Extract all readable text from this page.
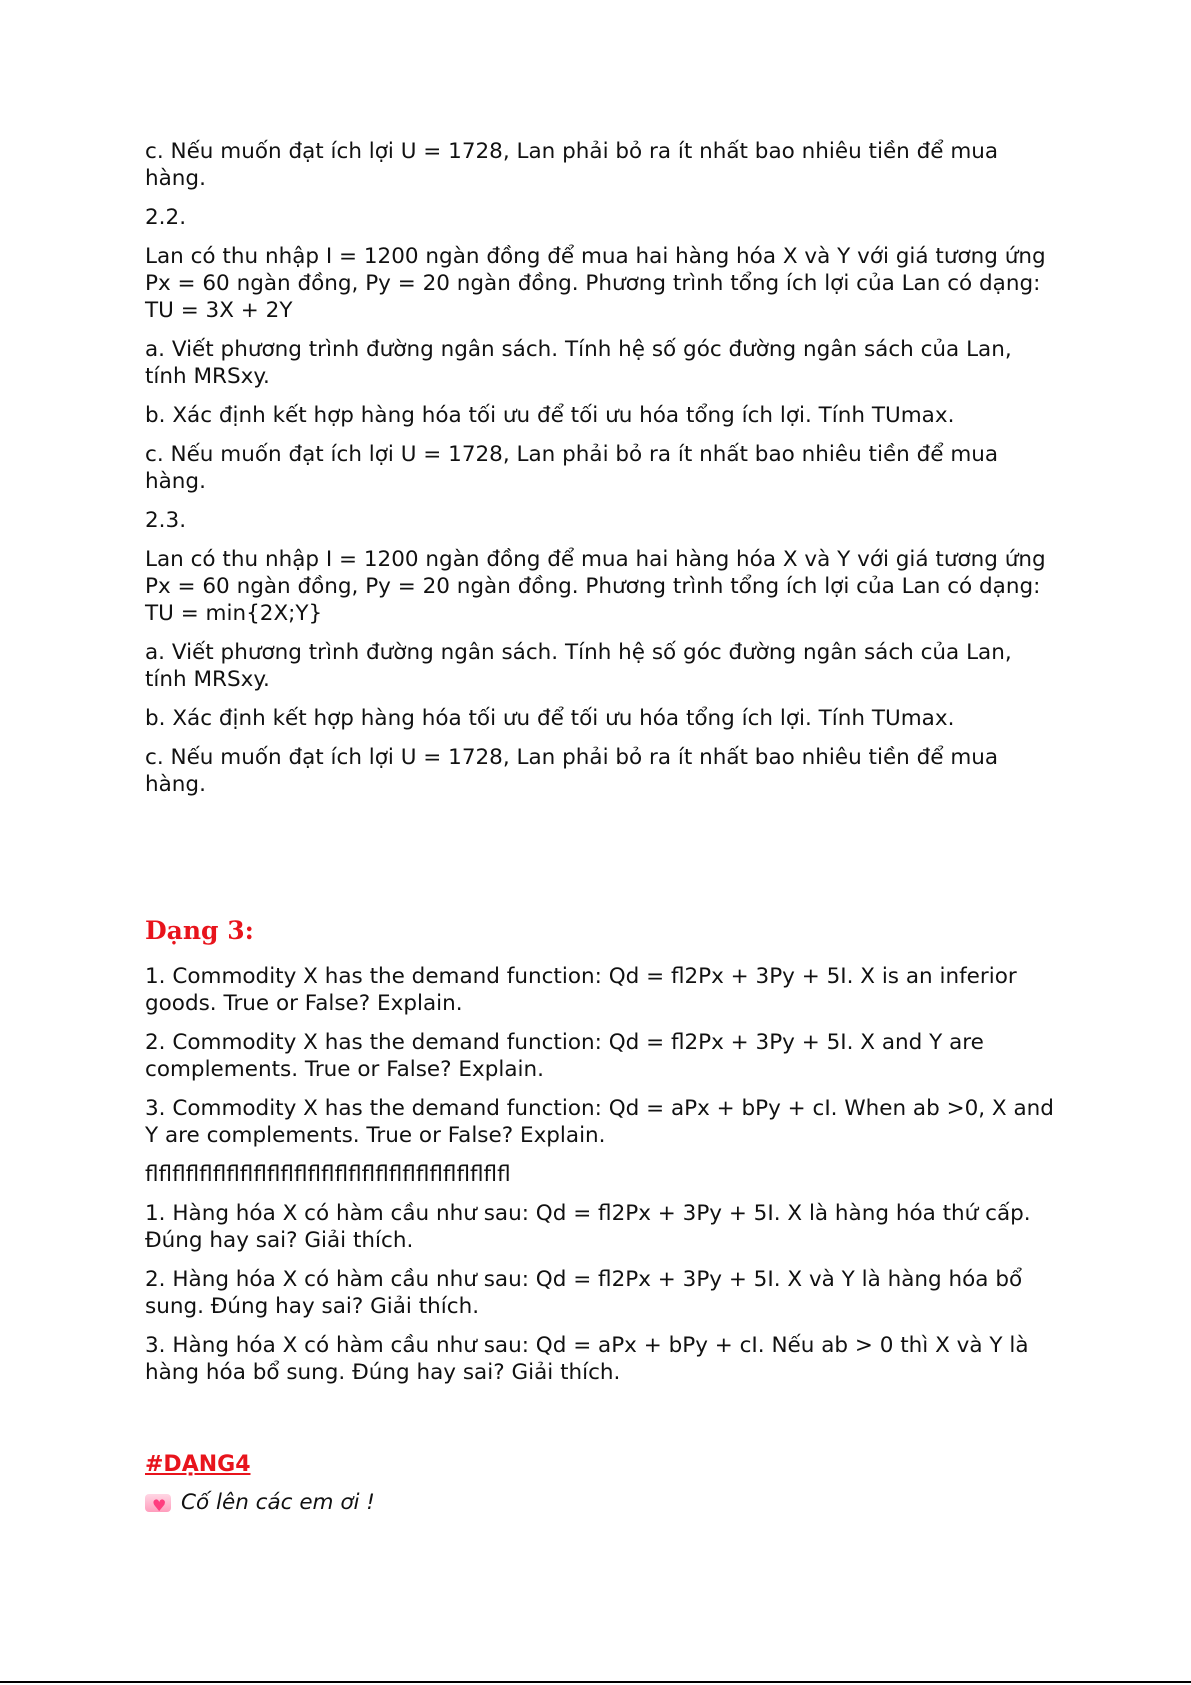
c. Nếu muốn đạt ích lợi U = 1728, Lan phải bỏ ra ít nhất bao nhiêu tiền để mua hàng.

2.2.

Lan có thu nhập I = 1200 ngàn đồng để mua hai hàng hóa X và Y với giá tương ứng Px = 60 ngàn đồng, Py = 20 ngàn đồng. Phương trình tổng ích lợi của Lan có dạng: TU = 3X + 2Y

a. Viết phương trình đường ngân sách. Tính hệ số góc đường ngân sách của Lan, tính MRSxy.

b. Xác định kết hợp hàng hóa tối ưu để tối ưu hóa tổng ích lợi. Tính TUmax.

c. Nếu muốn đạt ích lợi U = 1728, Lan phải bỏ ra ít nhất bao nhiêu tiền để mua hàng.

2.3.

Lan có thu nhập I = 1200 ngàn đồng để mua hai hàng hóa X và Y với giá tương ứng Px = 60 ngàn đồng, Py = 20 ngàn đồng. Phương trình tổng ích lợi của Lan có dạng: TU = min{2X;Y}

a. Viết phương trình đường ngân sách. Tính hệ số góc đường ngân sách của Lan, tính MRSxy.

b. Xác định kết hợp hàng hóa tối ưu để tối ưu hóa tổng ích lợi. Tính TUmax.

c. Nếu muốn đạt ích lợi U = 1728, Lan phải bỏ ra ít nhất bao nhiêu tiền để mua hàng.

Dạng 3:

1. Commodity X has the demand function: Qd = ﬂ2Px + 3Py + 5I. X is an inferior goods. True or False? Explain.

2. Commodity X has the demand function: Qd = ﬂ2Px + 3Py + 5I. X and Y are complements. True or False? Explain.

3. Commodity X has the demand function: Qd = aPx + bPy + cI. When ab >0, X and Y are complements. True or False? Explain.

ﬂﬂﬂﬂﬂﬂﬂﬂﬂﬂﬂﬂﬂﬂﬂﬂﬂﬂﬂﬂﬂﬂﬂﬂﬂﬂﬂ

1. Hàng hóa X có hàm cầu như sau: Qd = ﬂ2Px + 3Py + 5I. X là hàng hóa thứ cấp. Đúng hay sai? Giải thích.

2. Hàng hóa X có hàm cầu như sau: Qd = ﬂ2Px + 3Py + 5I. X và Y là hàng hóa bổ sung. Đúng hay sai? Giải thích.

3. Hàng hóa X có hàm cầu như sau: Qd = aPx + bPy + cI. Nếu ab > 0 thì X và Y là hàng hóa bổ sung. Đúng hay sai? Giải thích.

#DẠNG4
♥
Cố lên các em ơi !
